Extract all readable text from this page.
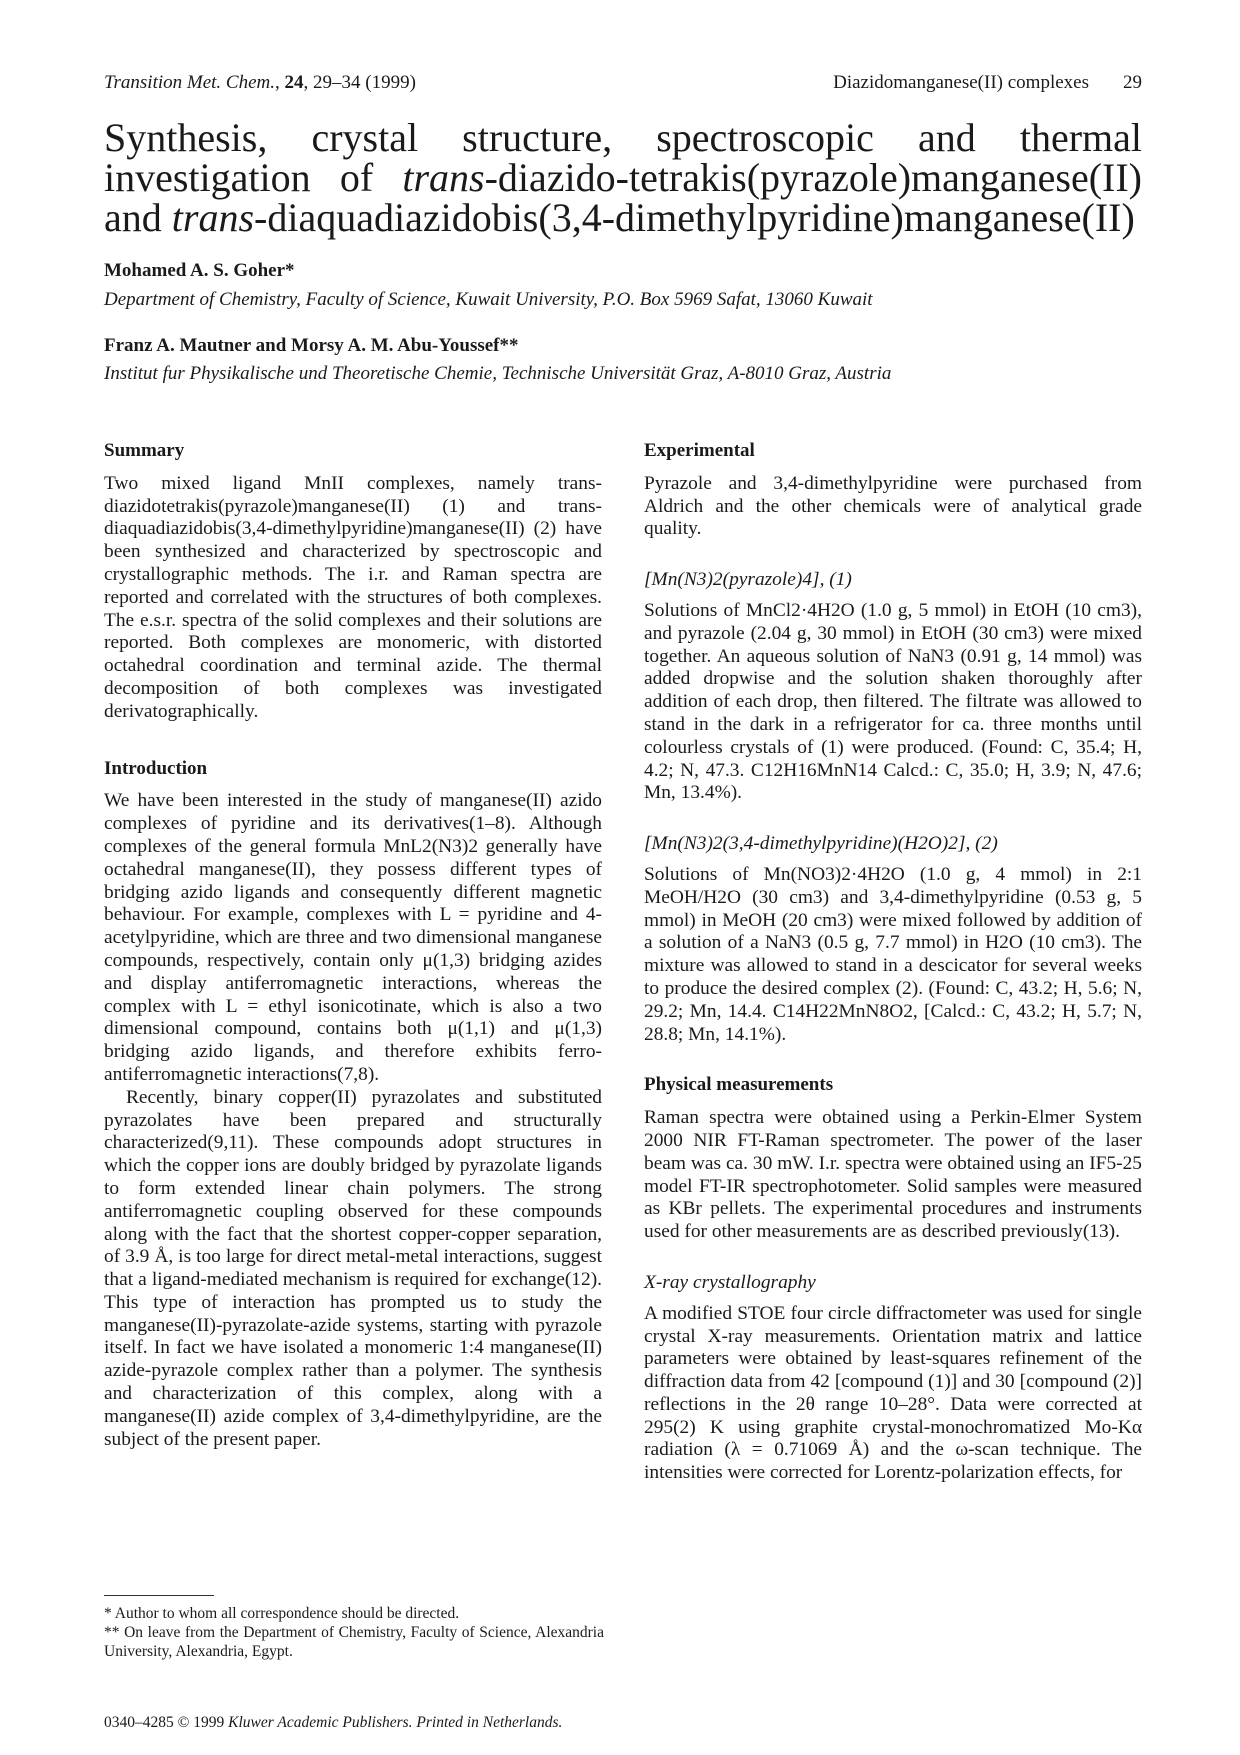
Transition Met. Chem., 24, 29–34 (1999)	Diazidomanganese(II) complexes 29
Synthesis, crystal structure, spectroscopic and thermal
investigation of trans-diazido-tetrakis(pyrazole)manganese(II)
and trans-diaquadiazidobis(3,4-dimethylpyridine)manganese(II)
Mohamed A. S. Goher*
Department of Chemistry, Faculty of Science, Kuwait University, P.O. Box 5969 Safat, 13060 Kuwait
Franz A. Mautner and Morsy A. M. Abu-Youssef**
Institut fur Physikalische und Theoretische Chemie, Technische Universität Graz, A-8010 Graz, Austria
Summary

Two mixed ligand MnII complexes, namely trans-diazidotetrakis(pyrazole)manganese(II) (1) and trans-diaquadiazidobis(3,4-dimethylpyridine)manganese(II) (2) have been synthesized and characterized by spectroscopic and crystallographic methods. The i.r. and Raman spectra are reported and correlated with the structures of both complexes. The e.s.r. spectra of the solid complexes and their solutions are reported. Both complexes are monomeric, with distorted octahedral coordination and terminal azide. The thermal decomposition of both complexes was investigated derivatographically.

Introduction

We have been interested in the study of manganese(II) azido complexes of pyridine and its derivatives(1–8). Although complexes of the general formula MnL2(N3)2 generally have octahedral manganese(II), they possess different types of bridging azido ligands and consequently different magnetic behaviour. For example, complexes with L = pyridine and 4-acetylpyridine, which are three and two dimensional manganese compounds, respectively, contain only μ(1,3) bridging azides and display antiferromagnetic interactions, whereas the complex with L = ethyl isonicotinate, which is also a two dimensional compound, contains both μ(1,1) and μ(1,3) bridging azido ligands, and therefore exhibits ferro-antiferromagnetic interactions(7,8).

Recently, binary copper(II) pyrazolates and substituted pyrazolates have been prepared and structurally characterized(9,11). These compounds adopt structures in which the copper ions are doubly bridged by pyrazolate ligands to form extended linear chain polymers. The strong antiferromagnetic coupling observed for these compounds along with the fact that the shortest copper-copper separation, of 3.9 Å, is too large for direct metal-metal interactions, suggest that a ligand-mediated mechanism is required for exchange(12). This type of interaction has prompted us to study the manganese(II)-pyrazolate-azide systems, starting with pyrazole itself. In fact we have isolated a monomeric 1:4 manganese(II) azide-pyrazole complex rather than a polymer. The synthesis and characterization of this complex, along with a manganese(II) azide complex of 3,4-dimethylpyridine, are the subject of the present paper.

Experimental

Pyrazole and 3,4-dimethylpyridine were purchased from Aldrich and the other chemicals were of analytical grade quality.

[Mn(N3)2(pyrazole)4], (1)

Solutions of MnCl2·4H2O (1.0 g, 5 mmol) in EtOH (10 cm3), and pyrazole (2.04 g, 30 mmol) in EtOH (30 cm3) were mixed together. An aqueous solution of NaN3 (0.91 g, 14 mmol) was added dropwise and the solution shaken thoroughly after addition of each drop, then filtered. The filtrate was allowed to stand in the dark in a refrigerator for ca. three months until colourless crystals of (1) were produced. (Found: C, 35.4; H, 4.2; N, 47.3. C12H16MnN14 Calcd.: C, 35.0; H, 3.9; N, 47.6; Mn, 13.4%).

[Mn(N3)2(3,4-dimethylpyridine)(H2O)2], (2)

Solutions of Mn(NO3)2·4H2O (1.0 g, 4 mmol) in 2:1 MeOH/H2O (30 cm3) and 3,4-dimethylpyridine (0.53 g, 5 mmol) in MeOH (20 cm3) were mixed followed by addition of a solution of a NaN3 (0.5 g, 7.7 mmol) in H2O (10 cm3). The mixture was allowed to stand in a descicator for several weeks to produce the desired complex (2). (Found: C, 43.2; H, 5.6; N, 29.2; Mn, 14.4. C14H22MnN8O2, [Calcd.: C, 43.2; H, 5.7; N, 28.8; Mn, 14.1%).

Physical measurements

Raman spectra were obtained using a Perkin-Elmer System 2000 NIR FT-Raman spectrometer. The power of the laser beam was ca. 30 mW. I.r. spectra were obtained using an IF5-25 model FT-IR spectrophotometer. Solid samples were measured as KBr pellets. The experimental procedures and instruments used for other measurements are as described previously(13).

X-ray crystallography

A modified STOE four circle diffractometer was used for single crystal X-ray measurements. Orientation matrix and lattice parameters were obtained by least-squares refinement of the diffraction data from 42 [compound (1)] and 30 [compound (2)] reflections in the 2θ range 10–28°. Data were corrected at 295(2) K using graphite crystal-monochromatized Mo-Kα radiation (λ = 0.71069 Å) and the ω-scan technique. The intensities were corrected for Lorentz-polarization effects, for

* Author to whom all correspondence should be directed.

** On leave from the Department of Chemistry, Faculty of Science, Alexandria University, Alexandria, Egypt.

0340–4285 © 1999 Kluwer Academic Publishers. Printed in Netherlands.
